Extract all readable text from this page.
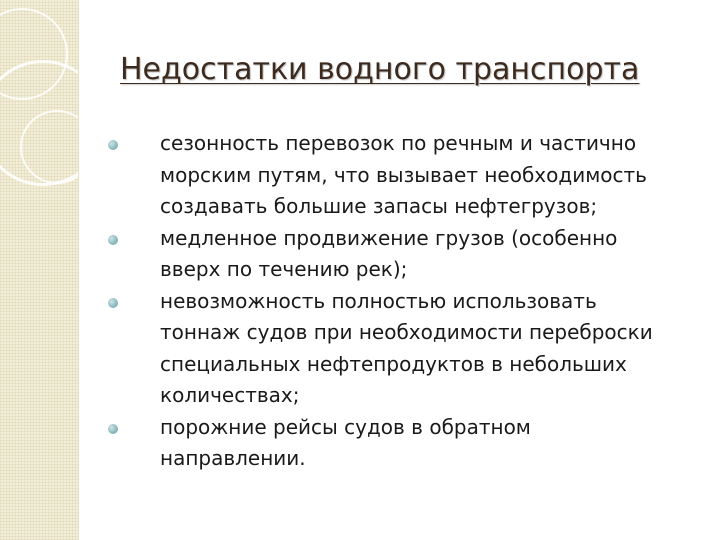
Недостатки водного транспорта
сезонность перевозок по речным и частично морским путям, что вызывает необходимость создавать большие запасы нефтегрузов;
медленное продвижение грузов (особенно вверх по течению рек);
невозможность полностью использовать тоннаж судов при необходимости переброски специальных нефтепродуктов в небольших количествах;
порожние рейсы судов в обратном направлении.
